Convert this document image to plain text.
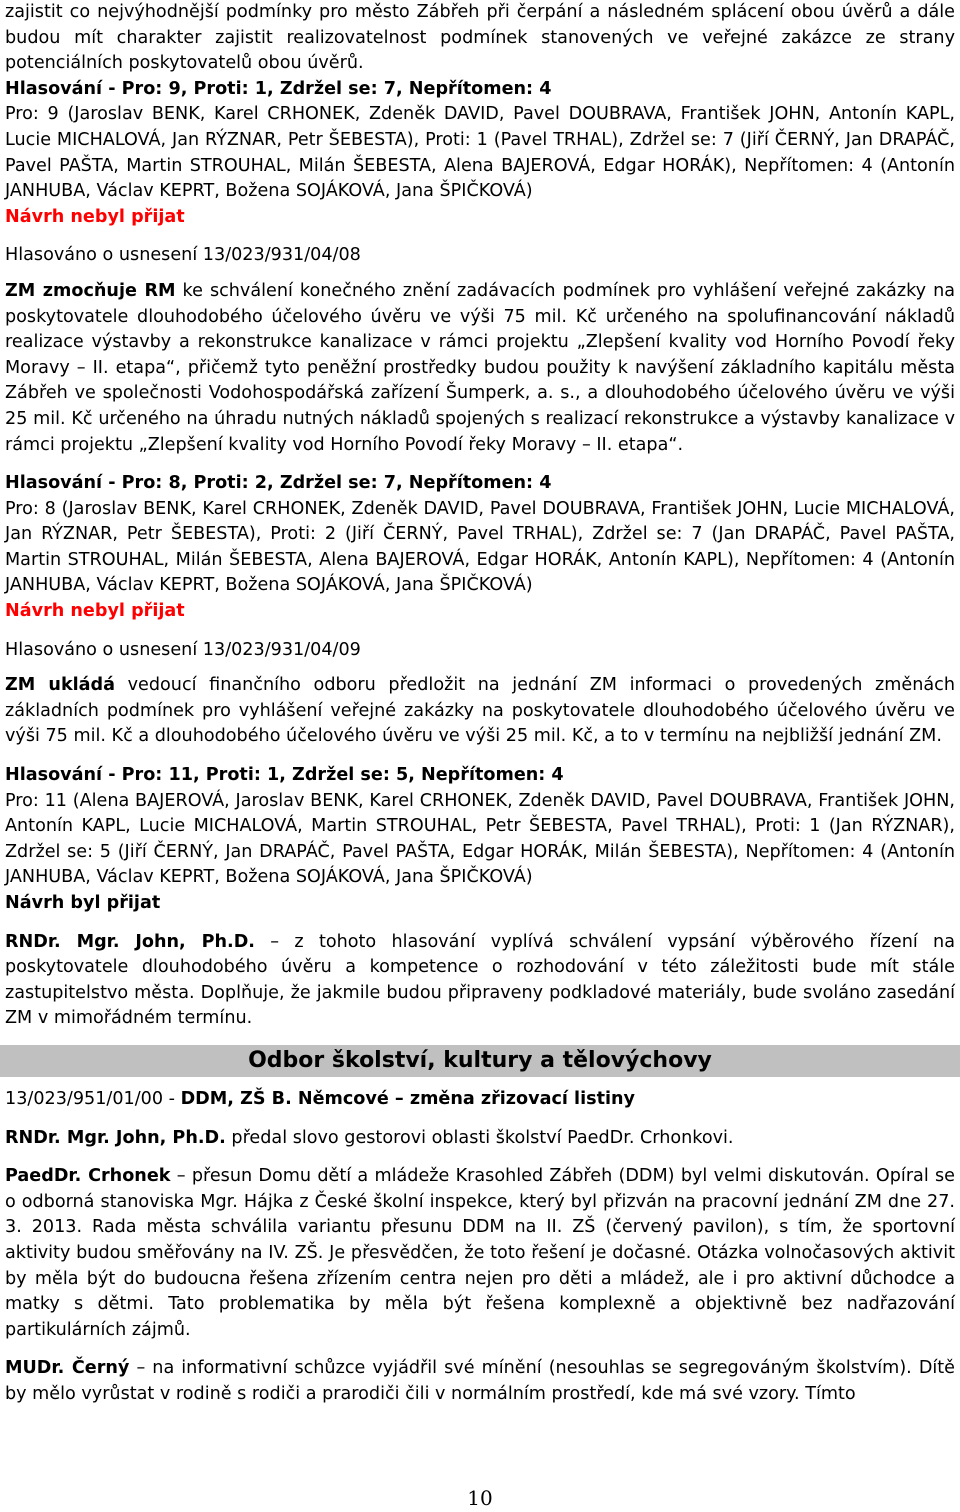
zajistit co nejvýhodnější podmínky pro město Zábřeh při čerpání a následném splácení obou úvěrů a dále budou mít charakter zajistit realizovatelnost podmínek stanovených ve veřejné zakázce ze strany potenciálních poskytovatelů obou úvěrů.

Hlasování - Pro: 9, Proti: 1, Zdržel se: 7, Nepřítomen: 4

Pro: 9 (Jaroslav BENK, Karel CRHONEK, Zdeněk DAVID, Pavel DOUBRAVA, František JOHN, Antonín KAPL, Lucie MICHALOVÁ, Jan RÝZNAR, Petr ŠEBESTA), Proti: 1 (Pavel TRHAL), Zdržel se: 7 (Jiří ČERNÝ, Jan DRAPÁČ, Pavel PAŠTA, Martin STROUHAL, Milán ŠEBESTA, Alena BAJEROVÁ, Edgar HORÁK), Nepřítomen: 4 (Antonín JANHUBA, Václav KEPRT, Božena SOJÁKOVÁ, Jana ŠPIČKOVÁ)

Návrh nebyl přijat

Hlasováno o usnesení 13/023/931/04/08

ZM zmocňuje RM ke schválení konečného znění zadávacích podmínek pro vyhlášení veřejné zakázky na poskytovatele dlouhodobého účelového úvěru ve výši 75 mil. Kč určeného na spolufinancování nákladů realizace výstavby a rekonstrukce kanalizace v rámci projektu „Zlepšení kvality vod Horního Povodí řeky Moravy – II. etapa“, přičemž tyto peněžní prostředky budou použity k navýšení základního kapitálu města Zábřeh ve společnosti Vodohospodářská zařízení Šumperk, a. s., a dlouhodobého účelového úvěru ve výši 25 mil. Kč určeného na úhradu nutných nákladů spojených s realizací rekonstrukce a výstavby kanalizace v rámci projektu „Zlepšení kvality vod Horního Povodí řeky Moravy – II. etapa“.

Hlasování - Pro: 8, Proti: 2, Zdržel se: 7, Nepřítomen: 4

Pro: 8 (Jaroslav BENK, Karel CRHONEK, Zdeněk DAVID, Pavel DOUBRAVA, František JOHN, Lucie MICHALOVÁ, Jan RÝZNAR, Petr ŠEBESTA), Proti: 2 (Jiří ČERNÝ, Pavel TRHAL), Zdržel se: 7 (Jan DRAPÁČ, Pavel PAŠTA, Martin STROUHAL, Milán ŠEBESTA, Alena BAJEROVÁ, Edgar HORÁK, Antonín KAPL), Nepřítomen: 4 (Antonín JANHUBA, Václav KEPRT, Božena SOJÁKOVÁ, Jana ŠPIČKOVÁ)

Návrh nebyl přijat

Hlasováno o usnesení 13/023/931/04/09

ZM ukládá vedoucí finančního odboru předložit na jednání ZM informaci o provedených změnách základních podmínek pro vyhlášení veřejné zakázky na poskytovatele dlouhodobého účelového úvěru ve výši 75 mil. Kč a dlouhodobého účelového úvěru ve výši 25 mil. Kč, a to v termínu na nejbližší jednání ZM.

Hlasování - Pro: 11, Proti: 1, Zdržel se: 5, Nepřítomen: 4

Pro: 11 (Alena BAJEROVÁ, Jaroslav BENK, Karel CRHONEK, Zdeněk DAVID, Pavel DOUBRAVA, František JOHN, Antonín KAPL, Lucie MICHALOVÁ, Martin STROUHAL, Petr ŠEBESTA, Pavel TRHAL), Proti: 1 (Jan RÝZNAR), Zdržel se: 5 (Jiří ČERNÝ, Jan DRAPÁČ, Pavel PAŠTA, Edgar HORÁK, Milán ŠEBESTA), Nepřítomen: 4 (Antonín JANHUBA, Václav KEPRT, Božena SOJÁKOVÁ, Jana ŠPIČKOVÁ)

Návrh byl přijat

RNDr. Mgr. John, Ph.D. – z tohoto hlasování vyplívá schválení vypsání výběrového řízení na poskytovatele dlouhodobého úvěru a kompetence o rozhodování v této záležitosti bude mít stále zastupitelstvo města. Doplňuje, že jakmile budou připraveny podkladové materiály, bude svoláno zasedání ZM v mimořádném termínu.

Odbor školství, kultury a tělovýchovy

13/023/951/01/00 - DDM, ZŠ B. Němcové – změna zřizovací listiny

RNDr. Mgr. John, Ph.D. předal slovo gestorovi oblasti školství PaedDr. Crhonkovi.

PaedDr. Crhonek – přesun Domu dětí a mládeže Krasohled Zábřeh (DDM) byl velmi diskutován. Opíral se o odborná stanoviska Mgr. Hájka z České školní inspekce, který byl přizván na pracovní jednání ZM dne 27. 3. 2013. Rada města schválila variantu přesunu DDM na II. ZŠ (červený pavilon), s tím, že sportovní aktivity budou směřovány na IV. ZŠ. Je přesvědčen, že toto řešení je dočasné. Otázka volnočasových aktivit by měla být do budoucna řešena zřízením centra nejen pro děti a mládež, ale i pro aktivní důchodce a matky s dětmi. Tato problematika by měla být řešena komplexně a objektivně bez nadřazování partikulárních zájmů.

MUDr. Černý – na informativní schůzce vyjádřil své mínění (nesouhlas se segregováným školstvím). Dítě by mělo vyrůstat v rodině s rodiči a prarodiči čili v normálním prostředí, kde má své vzory. Tímto

10
